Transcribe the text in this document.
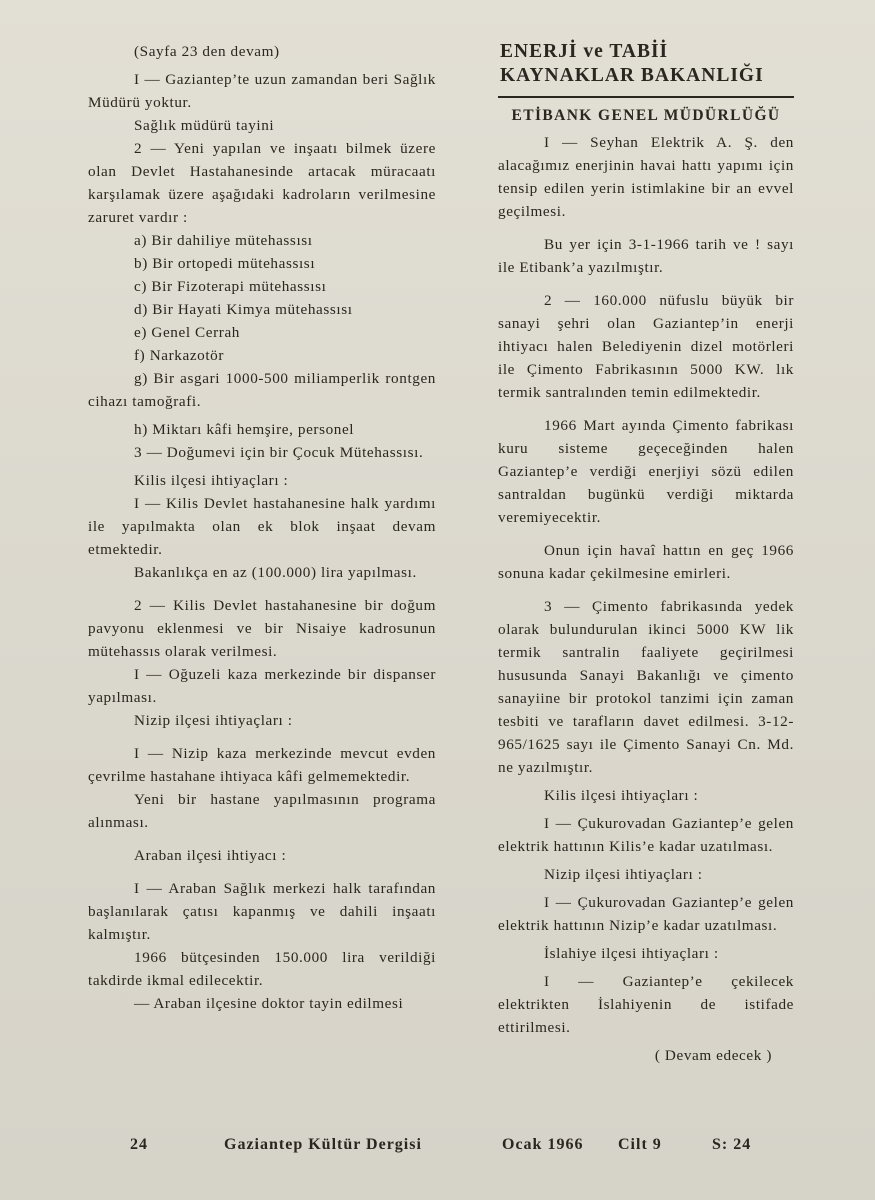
(Sayfa 23 den devam)

I — Gaziantep’te uzun zamandan beri Sağlık Müdürü yoktur.

Sağlık müdürü tayini

2 — Yeni yapılan ve inşaatı bilmek üzere olan Devlet Hastahanesinde artacak müracaatı karşılamak üzere aşağıdaki kadroların verilmesine zaruret vardır :

a) Bir dahiliye mütehassısı

b) Bir ortopedi mütehassısı

c) Bir Fizoterapi mütehassısı

d) Bir Hayati Kimya mütehassısı

e) Genel Cerrah

f) Narkazotör

g) Bir asgari 1000-500 miliamperlik rontgen cihazı tamoğrafi.

h) Miktarı kâfi hemşire, personel

3 — Doğumevi için bir Çocuk Mütehassısı.

Kilis ilçesi ihtiyaçları :

I — Kilis Devlet hastahanesine halk yardımı ile yapılmakta olan ek blok inşaat devam etmektedir.

Bakanlıkça en az (100.000) lira yapılması.

2 — Kilis Devlet hastahanesine bir doğum pavyonu eklenmesi ve bir Nisaiye kadrosunun mütehassıs olarak verilmesi.

I — Oğuzeli kaza merkezinde bir dispanser yapılması.

Nizip ilçesi ihtiyaçları :

I — Nizip kaza merkezinde mevcut evden çevrilme hastahane ihtiyaca kâfi gelmemektedir.

Yeni bir hastane yapılmasının programa alınması.

Araban ilçesi ihtiyacı :

I — Araban Sağlık merkezi halk tarafından başlanılarak çatısı kapanmış ve dahili inşaatı kalmıştır.

1966 bütçesinden 150.000 lira verildiği takdirde ikmal edilecektir.

— Araban ilçesine doktor tayin edilmesi

ENERJİ ve TABİİ KAYNAKLAR BAKANLIĞI

ETİBANK GENEL MÜDÜRLÜĞÜ

I — Seyhan Elektrik A. Ş. den alacağımız enerjinin havai hattı yapımı için tensip edilen yerin istimlakine bir an evvel geçilmesi.

Bu yer için 3-1-1966 tarih ve ! sayı ile Etibank’a yazılmıştır.

2 — 160.000 nüfuslu büyük bir sanayi şehri olan Gaziantep’in enerji ihtiyacı halen Belediyenin dizel motörleri ile Çimento Fabrikasının 5000 KW. lık termik santralınden temin edilmektedir.

1966 Mart ayında Çimento fabrikası kuru sisteme geçeceğinden halen Gaziantep’e verdiği enerjiyi sözü edilen santraldan bugünkü verdiği miktarda veremiyecektir.

Onun için havaî hattın en geç 1966 sonuna kadar çekilmesine emirleri.

3 — Çimento fabrikasında yedek olarak bulundurulan ikinci 5000 KW lik termik santralin faaliyete geçirilmesi hususunda Sanayi Bakanlığı ve çimento sanayiine bir protokol tanzimi için zaman tesbiti ve tarafların davet edilmesi. 3-12-965/1625 sayı ile Çimento Sanayi Cn. Md. ne yazılmıştır.

Kilis ilçesi ihtiyaçları :

I — Çukurovadan Gaziantep’e gelen elektrik hattının Kilis’e kadar uzatılması.

Nizip ilçesi ihtiyaçları :

I — Çukurovadan Gaziantep’e gelen elektrik hattının Nizip’e kadar uzatılması.

İslahiye ilçesi ihtiyaçları :

I — Gaziantep’e çekilecek elektrikten İslahiyenin de istifade ettirilmesi.

( Devam edecek )

24	Gaziantep Kültür Dergisi	Ocak 1966 Cilt 9	S: 24
